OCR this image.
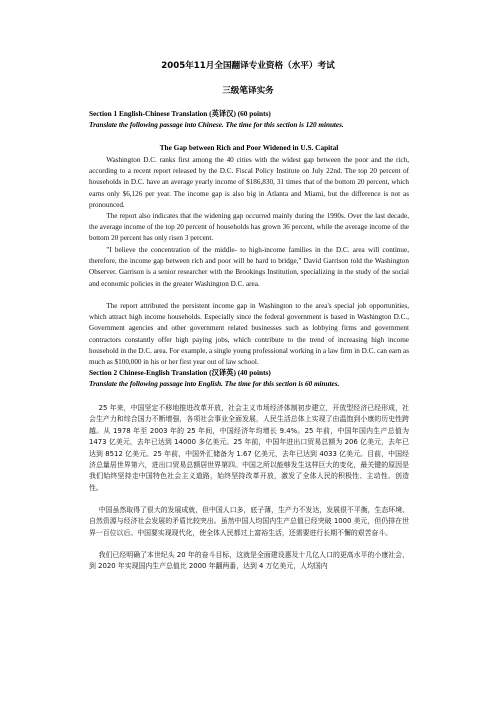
2005年11月全国翻译专业资格（水平）考试
三级笔译实务
Section 1 English-Chinese Translation (英译汉) (60 points)
Translate the following passage into Chinese. The time for this section is 120 minutes.
The Gap between Rich and Poor Widened in U.S. Capital

Washington D.C. ranks first among the 40 cities with the widest gap between the poor and the rich, according to a recent report released by the D.C. Fiscal Policy Institute on July 22nd. The top 20 percent of households in D.C. have an average yearly income of $186,830, 31 times that of the bottom 20 percent, which earns only $6,126 per year. The income gap is also big in Atlanta and Miami, but the difference is not as pronounced.

The report also indicates that the widening gap occurred mainly during the 1990s. Over the last decade, the average income of the top 20 percent of households has grown 36 percent, while the average income of the bottom 20 percent has only risen 3 percent.

"I believe the concentration of the middle- to high-income families in the D.C. area will continue, therefore, the income gap between rich and poor will be hard to bridge," David Garrison told the Washington Observer. Garrison is a senior researcher with the Brookings Institution, specializing in the study of the social and economic policies in the greater Washington D.C. area.

The report attributed the persistent income gap in Washington to the area's special job opportunities, which attract high income households. Especially since the federal government is based in Washington D.C., Government agencies and other government related businesses such as lobbying firms and government contractors constantly offer high paying jobs, which contribute to the trend of increasing high income household in the D.C. area. For example, a single young professional working in a law firm in D.C. can earn as much as $100,000 in his or her first year out of law school.

Section 2 Chinese-English Translation (汉译英) (40 points)
Translate the following passage into English. The time for this section is 60 minutes.

25 年来，中国坚定不移地推进改革开放，社会主义市场经济体制初步建立，开放型经济已经形成，社会生产力和综合国力不断增强，各项社会事业全面发展，人民生活总体上实现了由温饱到小康的历史性跨越。从 1978 年至 2003 年的 25 年间，中国经济年均增长 9.4%。25 年前，中国年国内生产总值为 1473 亿美元，去年已达到 14000 多亿美元。25 年前，中国年进出口贸易总额为 206 亿美元，去年已达到 8512 亿美元。25 年前，中国外汇储备为 1.67 亿美元，去年已达到 4033 亿美元。目前，中国经济总量居世界第六，进出口贸易总额居世界第四。中国之所以能够发生这样巨大的变化，最关键的原因是我们始终坚持走中国特色社会主义道路，始终坚持改革开放，激发了全体人民的积极性、主动性、创造性。

中国虽然取得了很大的发展成就，但中国人口多，底子薄，生产力不发达，发展很不平衡，生态环境、自然资源与经济社会发展的矛盾比较突出。虽然中国人均国内生产总值已经突破 1000 美元，但仍排在世界一百位以后。中国要实现现代化，使全体人民都过上富裕生活，还需要进行长期不懈的艰苦奋斗。

我们已经明确了本世纪头 20 年的奋斗目标，这就是全面建设惠及十几亿人口的更高水平的小康社会，到 2020 年实现国内生产总值比 2000 年翻两番，达到 4 万亿美元，人均国内
